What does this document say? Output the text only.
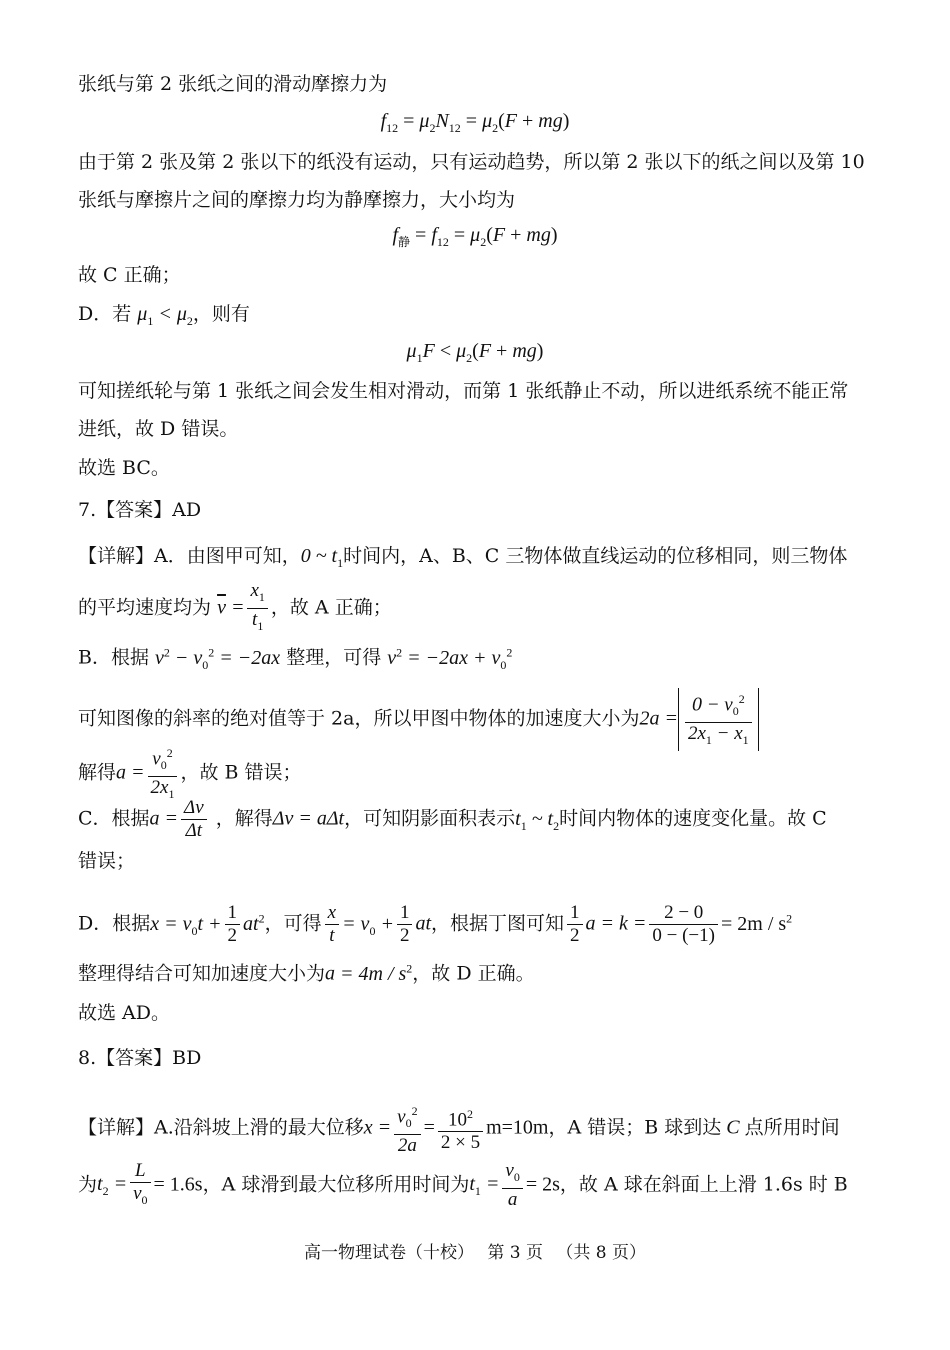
张纸与第 2 张纸之间的滑动摩擦力为
$f_{12} = \mu_2N_{12} = \mu_2(F + mg)$
由于第 2 张及第 2 张以下的纸没有运动，只有运动趋势，所以第 2 张以下的纸之间以及第 10
张纸与摩擦片之间的摩擦力均为静摩擦力，大小均为
$f_静 = f_{12} = \mu_2(F + mg)$
故 C 正确；
D．若 $\mu_1 < \mu_2$，则有
$\mu_1F < \mu_2(F + mg)$
可知搓纸轮与第 1 张纸之间会发生相对滑动，而第 1 张纸静止不动，所以进纸系统不能正常
进纸，故 D 错误。
故选 BC。
7.【答案】AD
【详解】A．由图甲可知，0 ~ $t_1$时间内，A、B、C 三物体做直线运动的位移相同，则三物体
的平均速度均为 $\overline{v} = \frac{x_1}{t_1}$ ，故 A 正确；
B．根据 $v^2 - v_0^2 = -2ax$ 整理，可得 $v^2 = -2ax + v_0^2$
可知图像的斜率的绝对值等于 2a，所以甲图中物体的加速度大小为$2a = \frac{0 - v_0^2}{2x_1 - x_1}$
解得$a = \frac{v_0^2}{2x_1}$ ，故 B 错误；
C．根据$a = \frac{\Delta v}{\Delta t}$ ，解得Δv = aΔt，可知阴影面积表示$t_1$ ~ $t_2$时间内物体的速度变化量。故 C
错误；
D．根据$x = v_0t + \frac{1}{2} at^2$，可得 $\frac{x}{t} = v_0 + \frac{1}{2}$ at，根据丁图可知 $\frac{1}{2}$ $a = k = \frac{2 - 0}{0 - (-1)} = 2m / s^2$
整理得结合可知加速度大小为$a = 4m / s^2$，故 D 正确。
故选 AD。
8.【答案】BD
【详解】A.沿斜坡上滑的最大位移$x = \frac{v_0^2}{2a} = \frac{10^2}{2 \times 5} m=10m$，A 错误；B 球到达 C 点所用时间
为$t_2 = \frac{L}{v_0} = 1.6s$，A 球滑到最大位移所用时间为$t_1 = \frac{v_0}{a} = 2s$，故 A 球在斜面上上滑 1.6s 时 B
高一物理试卷（十校） 第 3 页 （共 8 页）
